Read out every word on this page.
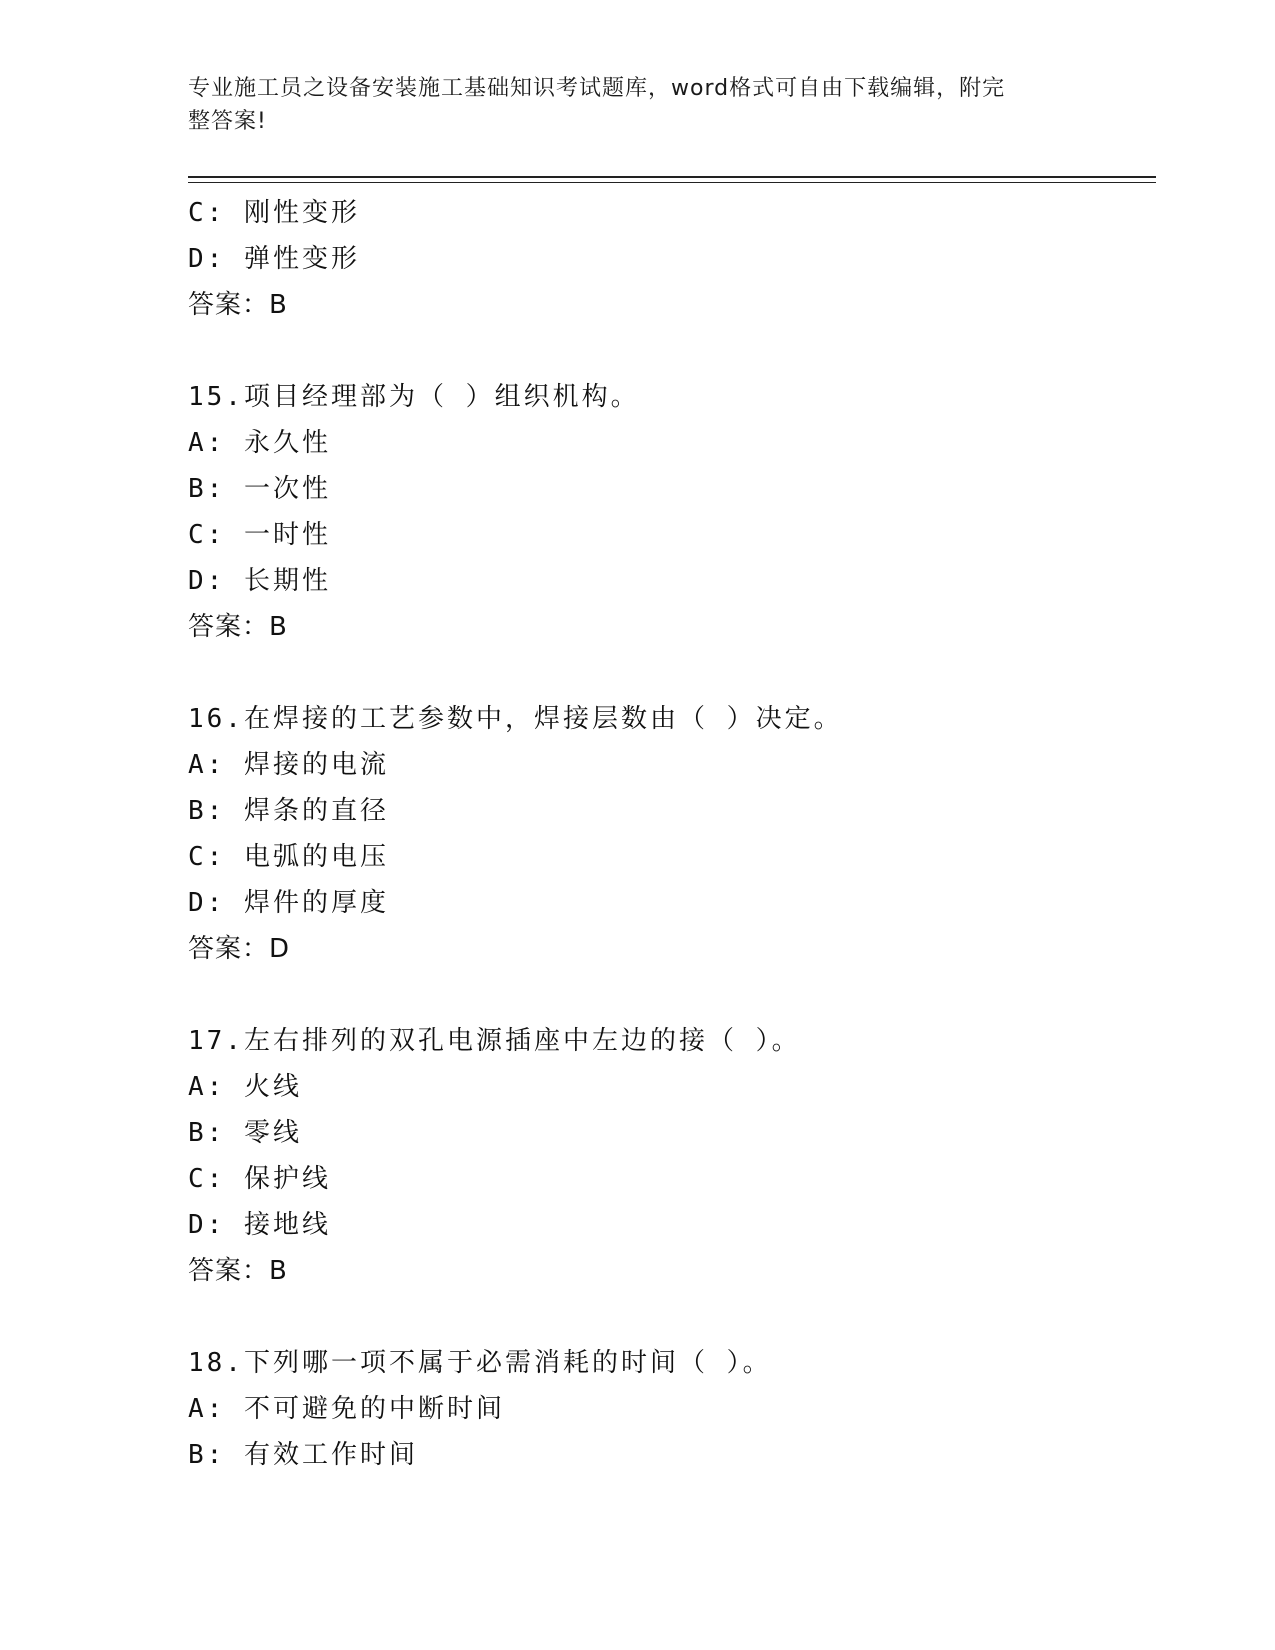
专业施工员之设备安装施工基础知识考试题库，word格式可自由下载编辑，附完
整答案!
C: 刚性变形
D: 弹性变形
答案：B
15.项目经理部为（ ）组织机构。
A: 永久性
B: 一次性
C: 一时性
D: 长期性
答案：B
16.在焊接的工艺参数中，焊接层数由（ ）决定。
A: 焊接的电流
B: 焊条的直径
C: 电弧的电压
D: 焊件的厚度
答案：D
17.左右排列的双孔电源插座中左边的接（ ）。
A: 火线
B: 零线
C: 保护线
D: 接地线
答案：B
18.下列哪一项不属于必需消耗的时间（ ）。
A: 不可避免的中断时间
B: 有效工作时间
